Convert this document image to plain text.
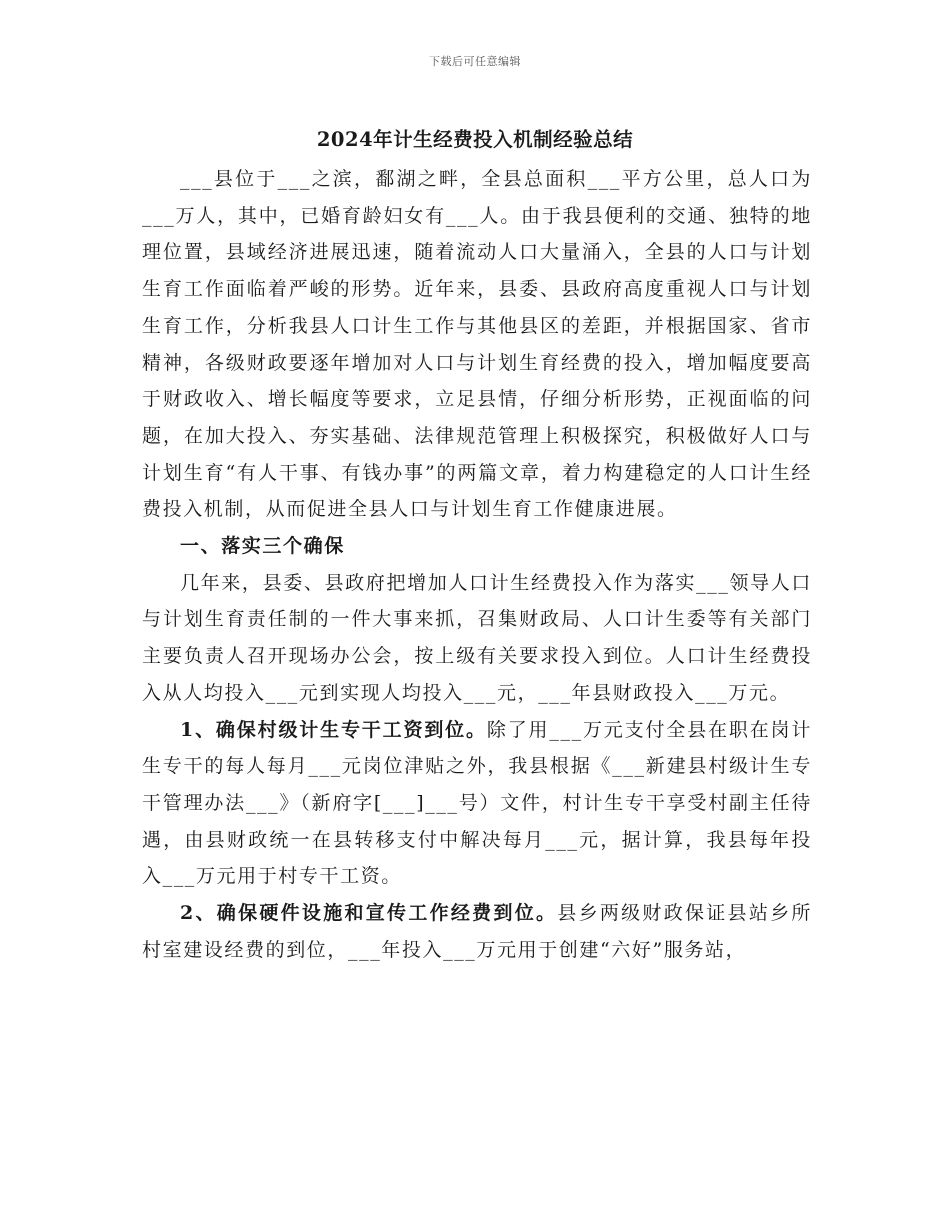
下载后可任意编辑
2024年计生经费投入机制经验总结

___县位于___之滨，鄱湖之畔，全县总面积___平方公里，总人口为___万人，其中，已婚育龄妇女有___人。由于我县便利的交通、独特的地理位置，县域经济进展迅速，随着流动人口大量涌入，全县的人口与计划生育工作面临着严峻的形势。近年来，县委、县政府高度重视人口与计划生育工作，分析我县人口计生工作与其他县区的差距，并根据国家、省市精神，各级财政要逐年增加对人口与计划生育经费的投入，增加幅度要高于财政收入、增长幅度等要求，立足县情，仔细分析形势，正视面临的问题，在加大投入、夯实基础、法律规范管理上积极探究，积极做好人口与计划生育“有人干事、有钱办事”的两篇文章，着力构建稳定的人口计生经费投入机制，从而促进全县人口与计划生育工作健康进展。

一、落实三个确保

几年来，县委、县政府把增加人口计生经费投入作为落实___领导人口与计划生育责任制的一件大事来抓，召集财政局、人口计生委等有关部门主要负责人召开现场办公会，按上级有关要求投入到位。人口计生经费投入从人均投入___元到实现人均投入___元，___年县财政投入___万元。

1、确保村级计生专干工资到位。除了用___万元支付全县在职在岗计生专干的每人每月___元岗位津贴之外，我县根据《___新建县村级计生专干管理办法___》（新府字[___]___号）文件，村计生专干享受村副主任待遇，由县财政统一在县转移支付中解决每月___元，据计算，我县每年投入___万元用于村专干工资。

2、确保硬件设施和宣传工作经费到位。县乡两级财政保证县站乡所村室建设经费的到位，___年投入___万元用于创建“六好”服务站，
